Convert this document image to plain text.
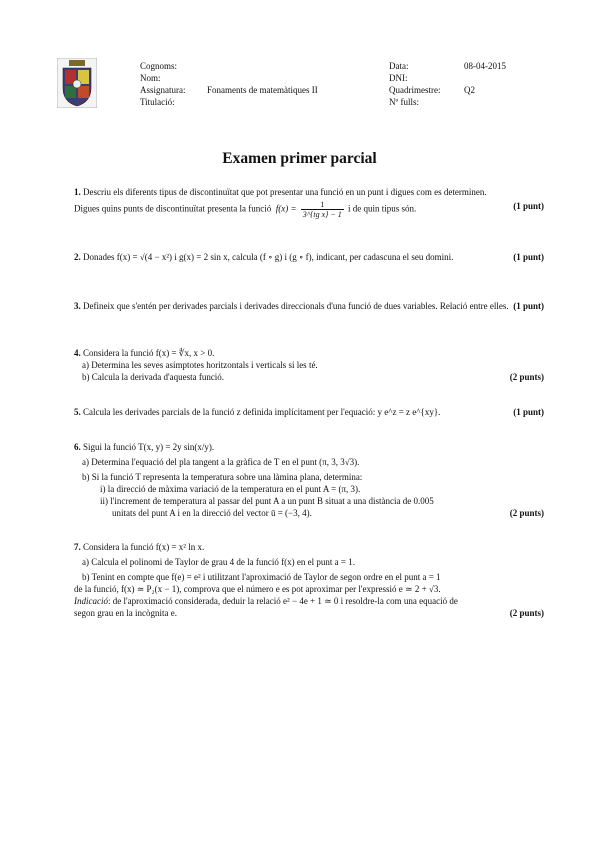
Cognoms:
Nom:
Assignatura: Fonaments de matemàtiques II
Titulació:
Data:	08-04-2015
DNI:
Quadrimestre:	Q2
Nº fulls:
Examen primer parcial

1. Descriu els diferents tipus de discontinuïtat que pot presentar una funció en un punt i digues com es determinen.

Digues quins punts de discontinuïtat presenta la funció $f(x) = \frac{1}{\text{3\textasciicircum{}\{tg x\} − 1}}$ i de quin tipus són.	(1 punt)

2. Donades f(x) = √(4 − x²) i g(x) = 2 sin x, calcula (f ∘ g) i (g ∘ f), indicant, per cadascuna el seu domini.	(1 punt)

3. Defineix que s'entén per derivades parcials i derivades direccionals d'una funció de dues variables. Relació entre elles. (1 punt)

4. Considera la funció f(x) = ∜x, x > 0.

a) Determina les seves asímptotes horitzontals i verticals si les té.

b) Calcula la derivada d'aquesta funció.	(2 punts)

5. Calcula les derivades parcials de la funció z definida implícitament per l'equació: y e^z = z e^{xy}.	(1 punt)

6. Sigui la funció T(x, y) = 2y sin(x/y).

a) Determina l'equació del pla tangent a la gràfica de T en el punt (π, 3, 3√3).

b) Si la funció T representa la temperatura sobre una làmina plana, determina:

i) la direcció de màxima variació de la temperatura en el punt A = (π, 3).

ii) l'increment de temperatura al passar del punt A a un punt B situat a una distància de 0.005

unitats del punt A i en la direcció del vector ū = (−3, 4).	(2 punts)

7. Considera la funció f(x) = x² ln x.

a) Calcula el polinomi de Taylor de grau 4 de la funció f(x) en el punt a = 1.

b) Tenint en compte que f(e) = e² i utilitzant l'aproximació de Taylor de segon ordre en el punt a = 1

de la funció, f(x) ≃ P₂(x − 1), comprova que el número e es pot aproximar per l'expressió e ≃ 2 + √3.

Indicació: de l'aproximació considerada, deduir la relació e² − 4e + 1 ≃ 0 i resoldre-la com una equació de

segon grau en la incògnita e.	(2 punts)
